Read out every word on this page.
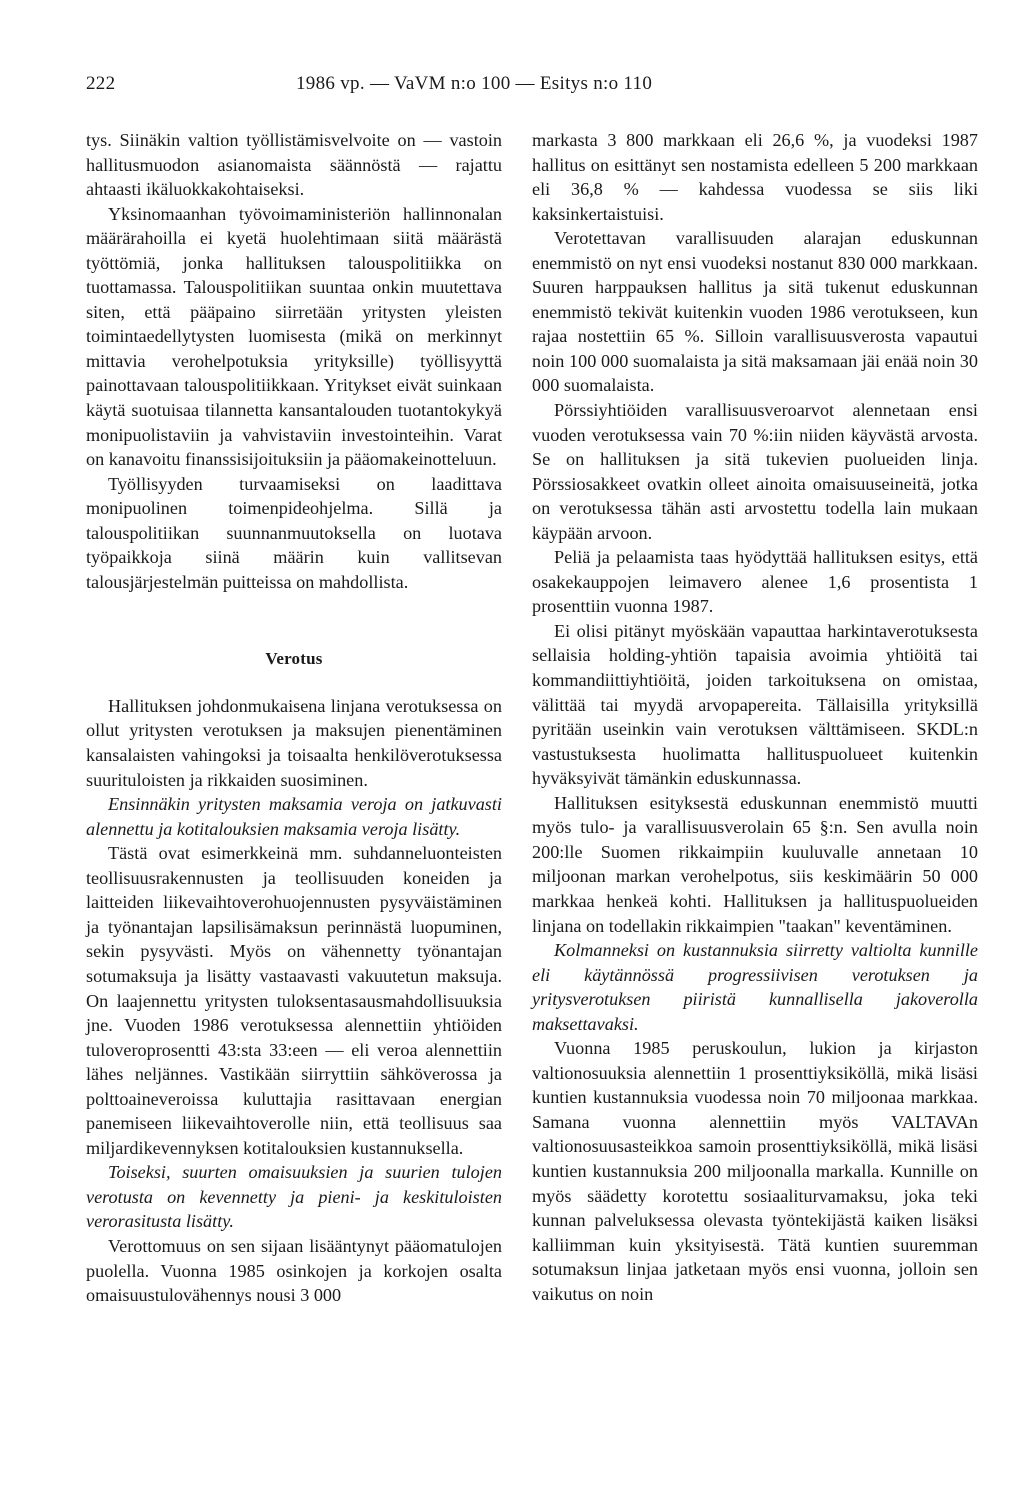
222	1986 vp. — VaVM n:o 100 — Esitys n:o 110

tys. Siinäkin valtion työllistämisvelvoite on — vastoin hallitusmuodon asianomaista säännöstä — rajattu ahtaasti ikäluokkakohtaiseksi.

Yksinomaanhan työvoimaministeriön hallinnonalan määrärahoilla ei kyetä huolehtimaan siitä määrästä työttömiä, jonka hallituksen talouspolitiikka on tuottamassa. Talouspolitiikan suuntaa onkin muutettava siten, että pääpaino siirretään yritysten yleisten toimintaedellytysten luomisesta (mikä on merkinnyt mittavia verohelpotuksia yrityksille) työllisyyttä painottavaan talouspolitiikkaan. Yritykset eivät suinkaan käytä suotuisaa tilannetta kansantalouden tuotantokykyä monipuolistaviin ja vahvistaviin investointeihin. Varat on kanavoitu finanssisijoituksiin ja pääomakeinotteluun.

Työllisyyden turvaamiseksi on laadittava monipuolinen toimenpideohjelma. Sillä ja talouspolitiikan suunnanmuutoksella on luotava työpaikkoja siinä määrin kuin vallitsevan talousjärjestelmän puitteissa on mahdollista.

Verotus

Hallituksen johdonmukaisena linjana verotuksessa on ollut yritysten verotuksen ja maksujen pienentäminen kansalaisten vahingoksi ja toisaalta henkilöverotuksessa suurituloisten ja rikkaiden suosiminen.

Ensinnäkin yritysten maksamia veroja on jatkuvasti alennettu ja kotitalouksien maksamia veroja lisätty.

Tästä ovat esimerkkeinä mm. suhdanneluonteisten teollisuusrakennusten ja teollisuuden koneiden ja laitteiden liikevaihtoverohuojennusten pysyväistäminen ja työnantajan lapsilisämaksun perinnästä luopuminen, sekin pysyvästi. Myös on vähennetty työnantajan sotumaksuja ja lisätty vastaavasti vakuutetun maksuja. On laajennettu yritysten tuloksentasausmahdollisuuksia jne. Vuoden 1986 verotuksessa alennettiin yhtiöiden tuloveroprosentti 43:sta 33:een — eli veroa alennettiin lähes neljännes. Vastikään siirryttiin sähköverossa ja polttoaineveroissa kuluttajia rasittavaan energian panemiseen liikevaihtoverolle niin, että teollisuus saa miljardikevennyksen kotitalouksien kustannuksella.

Toiseksi, suurten omaisuuksien ja suurien tulojen verotusta on kevennetty ja pieni- ja keskituloisten verorasitusta lisätty.

Verottomuus on sen sijaan lisääntynyt pääomatulojen puolella. Vuonna 1985 osinkojen ja korkojen osalta omaisuustulovähennys nousi 3 000

markasta 3 800 markkaan eli 26,6 %, ja vuodeksi 1987 hallitus on esittänyt sen nostamista edelleen 5 200 markkaan eli 36,8 % — kahdessa vuodessa se siis liki kaksinkertaistuisi.

Verotettavan varallisuuden alarajan eduskunnan enemmistö on nyt ensi vuodeksi nostanut 830 000 markkaan. Suuren harppauksen hallitus ja sitä tukenut eduskunnan enemmistö tekivät kuitenkin vuoden 1986 verotukseen, kun rajaa nostettiin 65 %. Silloin varallisuusverosta vapautui noin 100 000 suomalaista ja sitä maksamaan jäi enää noin 30 000 suomalaista.

Pörssiyhtiöiden varallisuusveroarvot alennetaan ensi vuoden verotuksessa vain 70 %:iin niiden käyvästä arvosta. Se on hallituksen ja sitä tukevien puolueiden linja. Pörssiosakkeet ovatkin olleet ainoita omaisuuseineitä, jotka on verotuksessa tähän asti arvostettu todella lain mukaan käypään arvoon.

Peliä ja pelaamista taas hyödyttää hallituksen esitys, että osakekauppojen leimavero alenee 1,6 prosentista 1 prosenttiin vuonna 1987.

Ei olisi pitänyt myöskään vapauttaa harkintaverotuksesta sellaisia holding-yhtiön tapaisia avoimia yhtiöitä tai kommandiittiyhtiöitä, joiden tarkoituksena on omistaa, välittää tai myydä arvopapereita. Tällaisilla yrityksillä pyritään useinkin vain verotuksen välttämiseen. SKDL:n vastustuksesta huolimatta hallituspuolueet kuitenkin hyväksyivät tämänkin eduskunnassa.

Hallituksen esityksestä eduskunnan enemmistö muutti myös tulo- ja varallisuusverolain 65 §:n. Sen avulla noin 200:lle Suomen rikkaimpiin kuuluvalle annetaan 10 miljoonan markan verohelpotus, siis keskimäärin 50 000 markkaa henkeä kohti. Hallituksen ja hallituspuolueiden linjana on todellakin rikkaimpien "taakan" keventäminen.

Kolmanneksi on kustannuksia siirretty valtiolta kunnille eli käytännössä progressiivisen verotuksen ja yritysverotuksen piiristä kunnallisella jakoverolla maksettavaksi.

Vuonna 1985 peruskoulun, lukion ja kirjaston valtionosuuksia alennettiin 1 prosenttiyksiköllä, mikä lisäsi kuntien kustannuksia vuodessa noin 70 miljoonaa markkaa. Samana vuonna alennettiin myös VALTAVAn valtionosuusasteikkoa samoin prosenttiyksiköllä, mikä lisäsi kuntien kustannuksia 200 miljoonalla markalla. Kunnille on myös säädetty korotettu sosiaaliturvamaksu, joka teki kunnan palveluksessa olevasta työntekijästä kaiken lisäksi kalliimman kuin yksityisestä. Tätä kuntien suuremman sotumaksun linjaa jatketaan myös ensi vuonna, jolloin sen vaikutus on noin
